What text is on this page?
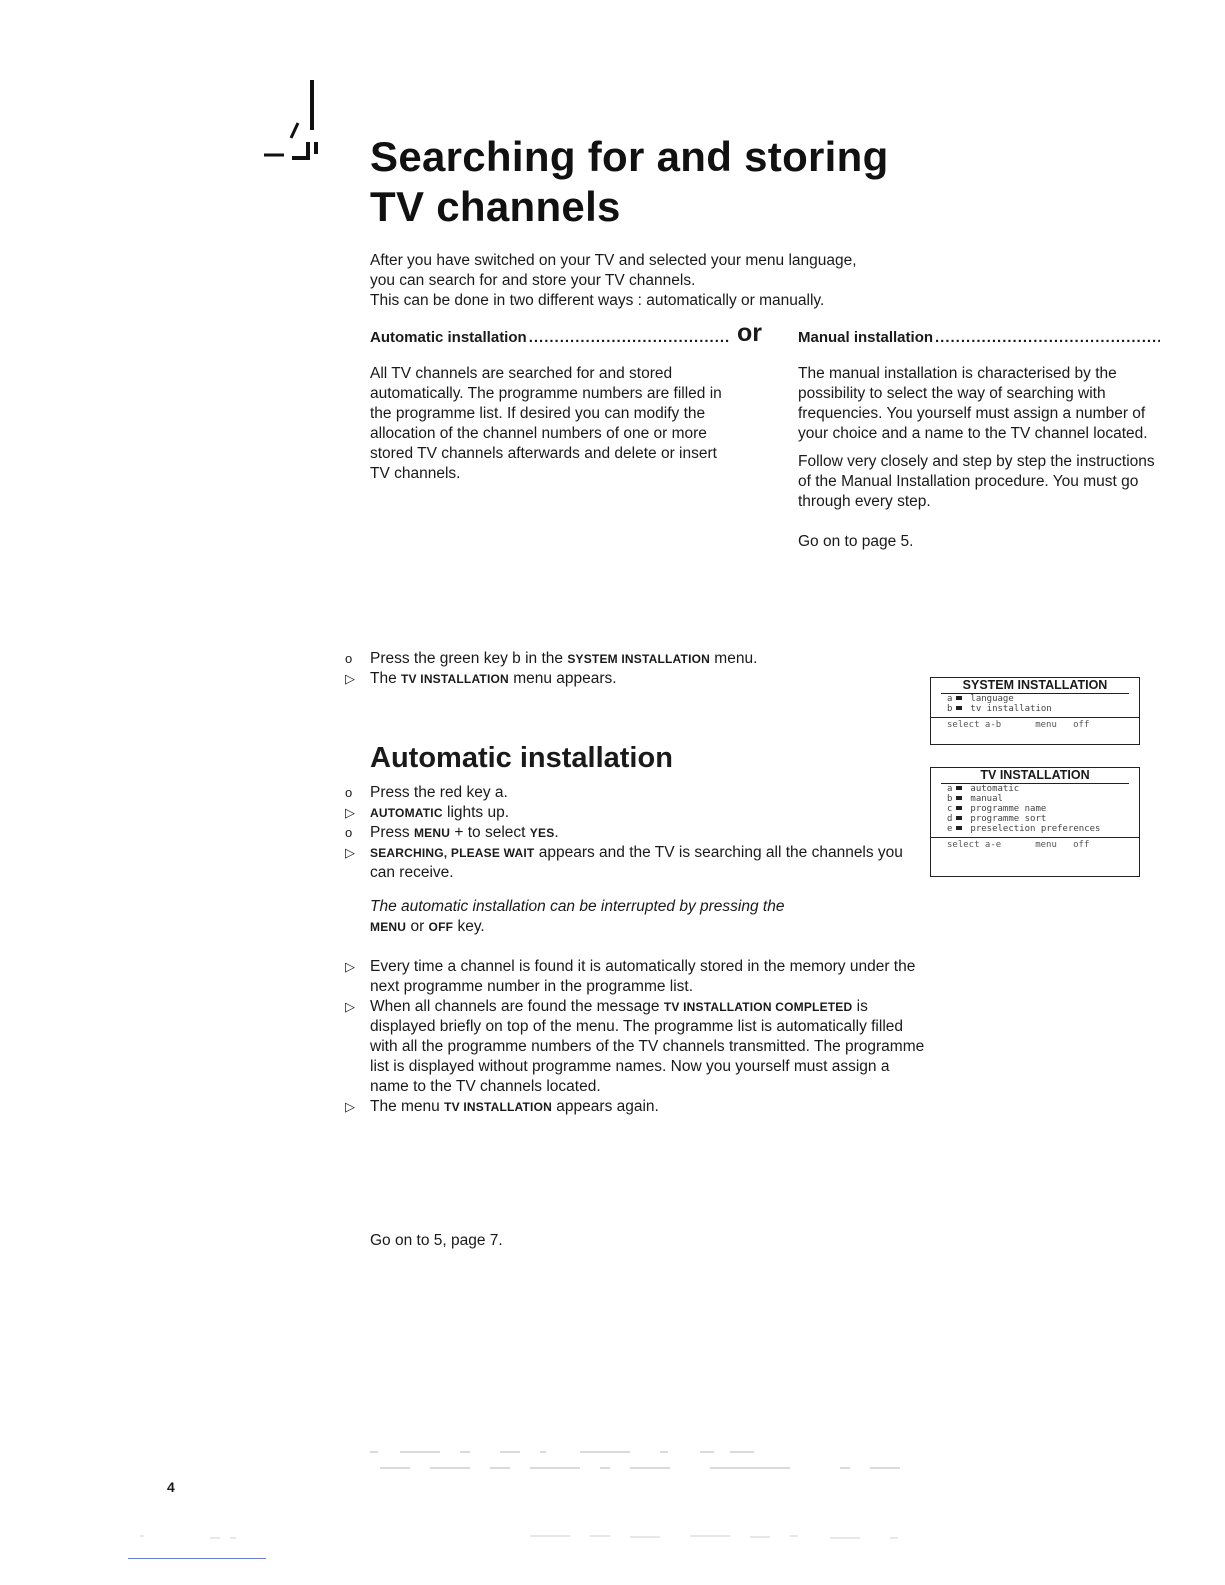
Searching for and storing
TV channels
After you have switched on your TV and selected your menu language,
you can search for and store your TV channels.
This can be done in two different ways : automatically or manually.
Automatic installation
.....

All TV channels are searched for and stored automatically. The programme numbers are filled in the programme list. If desired you can modify the allocation of the channel numbers of one or more stored TV channels afterwards and delete or insert TV channels.

or Manual installation
.....

The manual installation is characterised by the possibility to select the way of searching with frequencies. You yourself must assign a number of your choice and a name to the TV channel located.

Follow very closely and step by step the instructions of the Manual Installation procedure. You must go through every step.

Go on to page 5.

o	Press the green key b in the SYSTEM INSTALLATION menu.
▷ The TV INSTALLATION menu appears.
Automatic installation
o	Press the red key a.
▷	AUTOMATIC lights up.
o	Press MENU + to select YES.
▷	SEARCHING, PLEASE WAIT appears and the TV is searching all the channels you can receive.
The automatic installation can be interrupted by pressing the
MENU or OFF key.
▷ Every time a channel is found it is automatically stored in the memory under the next programme number in the programme list.
▷ When all channels are found the message TV INSTALLATION COMPLETED is displayed briefly on top of the menu. The programme list is automatically filled with all the programme numbers of the TV channels transmitted. The programme list is displayed without programme names. Now you yourself must assign a name to the TV channels located.
▷ The menu TV INSTALLATION appears again.
Go on to 5, page 7.
SYSTEM INSTALLATION
a language
b tv installation
select a-b	menu off
TV INSTALLATION
a automatic
b manual
c programme name
d programme sort
e preselection preferences
select a-e	menu off
4
